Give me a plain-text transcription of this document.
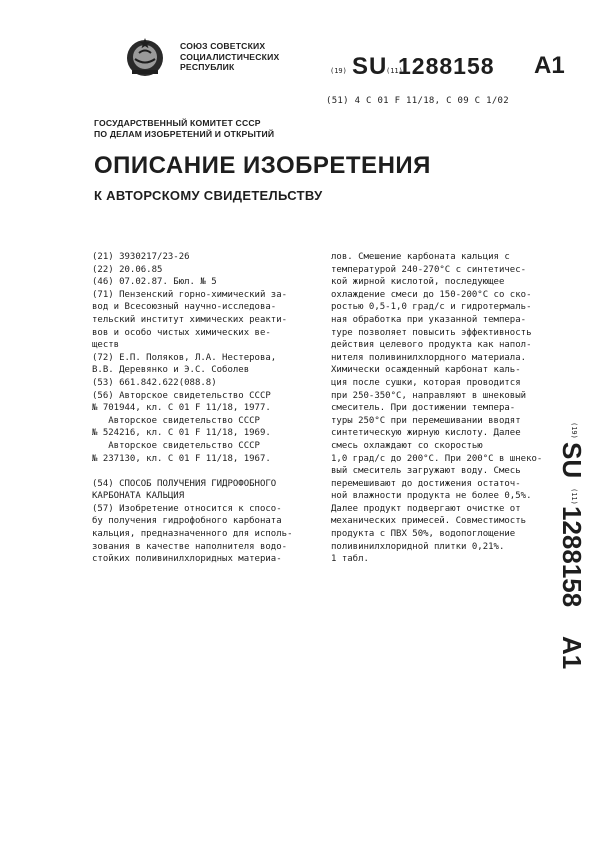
СОЮЗ СОВЕТСКИХ
СОЦИАЛИСТИЧЕСКИХ
РЕСПУБЛИК	(19) SU
(11)
1288158 A1
(51) 4 С 01 F 11/18, С 09 С 1/02
ГОСУДАРСТВЕННЫЙ КОМИТЕТ СССР
ПО ДЕЛАМ ИЗОБРЕТЕНИЙ И ОТКРЫТИЙ
ОПИСАНИЕ ИЗОБРЕТЕНИЯ
К АВТОРСКОМУ СВИДЕТЕЛЬСТВУ
(21) 3930217/23-26
(22) 20.06.85
(46) 07.02.87. Бюл. № 5
(71) Пензенский горно-химический за-
вод и Всесоюзный научно-исследова-
тельский институт химических реакти-
вов и особо чистых химических ве-
ществ
(72) Е.П. Поляков, Л.А. Нестерова,
В.В. Деревянко и Э.С. Соболев
(53) 661.842.622(088.8)
(56) Авторское свидетельство СССР
№ 701944, кл. С 01 F 11/18, 1977.
Авторское свидетельство СССР
№ 524216, кл. С 01 F 11/18, 1969.
Авторское свидетельство СССР
№ 237130, кл. С 01 F 11/18, 1967.
(54) СПОСОБ ПОЛУЧЕНИЯ ГИДРОФОБНОГО
КАРБОНАТА КАЛЬЦИЯ
(57) Изобретение относится к спосо-
бу получения гидрофобного карбоната
кальция, предназначенного для исполь-
зования в качестве наполнителя водо-
стойких поливинилхлоридных материа-
лов. Смешение карбоната кальция с
температурой 240-270°С с синтетичес-
кой жирной кислотой, последующее
охлаждение смеси до 150-200°С со ско-
ростью 0,5-1,0 град/с и гидротермаль-
ная обработка при указанной темпера-
туре позволяет повысить эффективность
действия целевого продукта как напол-
нителя поливинилхлордного материала.
Химически осажденный карбонат каль-
ция после сушки, которая проводится
при 250-350°С, направляют в шнековый
смеситель. При достижении темпера-
туры 250°С при перемешивании вводят
синтетическую жирную кислоту. Далее
смесь охлаждают со скоростью
1,0 град/с до 200°С. При 200°С в шнеко-
вый смеситель загружают воду. Смесь
перемешивают до достижения остаточ-
ной влажности продукта не более 0,5%.
Далее продукт подвергают очистке от
механических примесей. Совместимость
продукта с ПВХ 50%, водопоглощение
поливинилхлоридной плитки 0,21%.
1 табл.
(19)
SU
(11)
1288158
A1
